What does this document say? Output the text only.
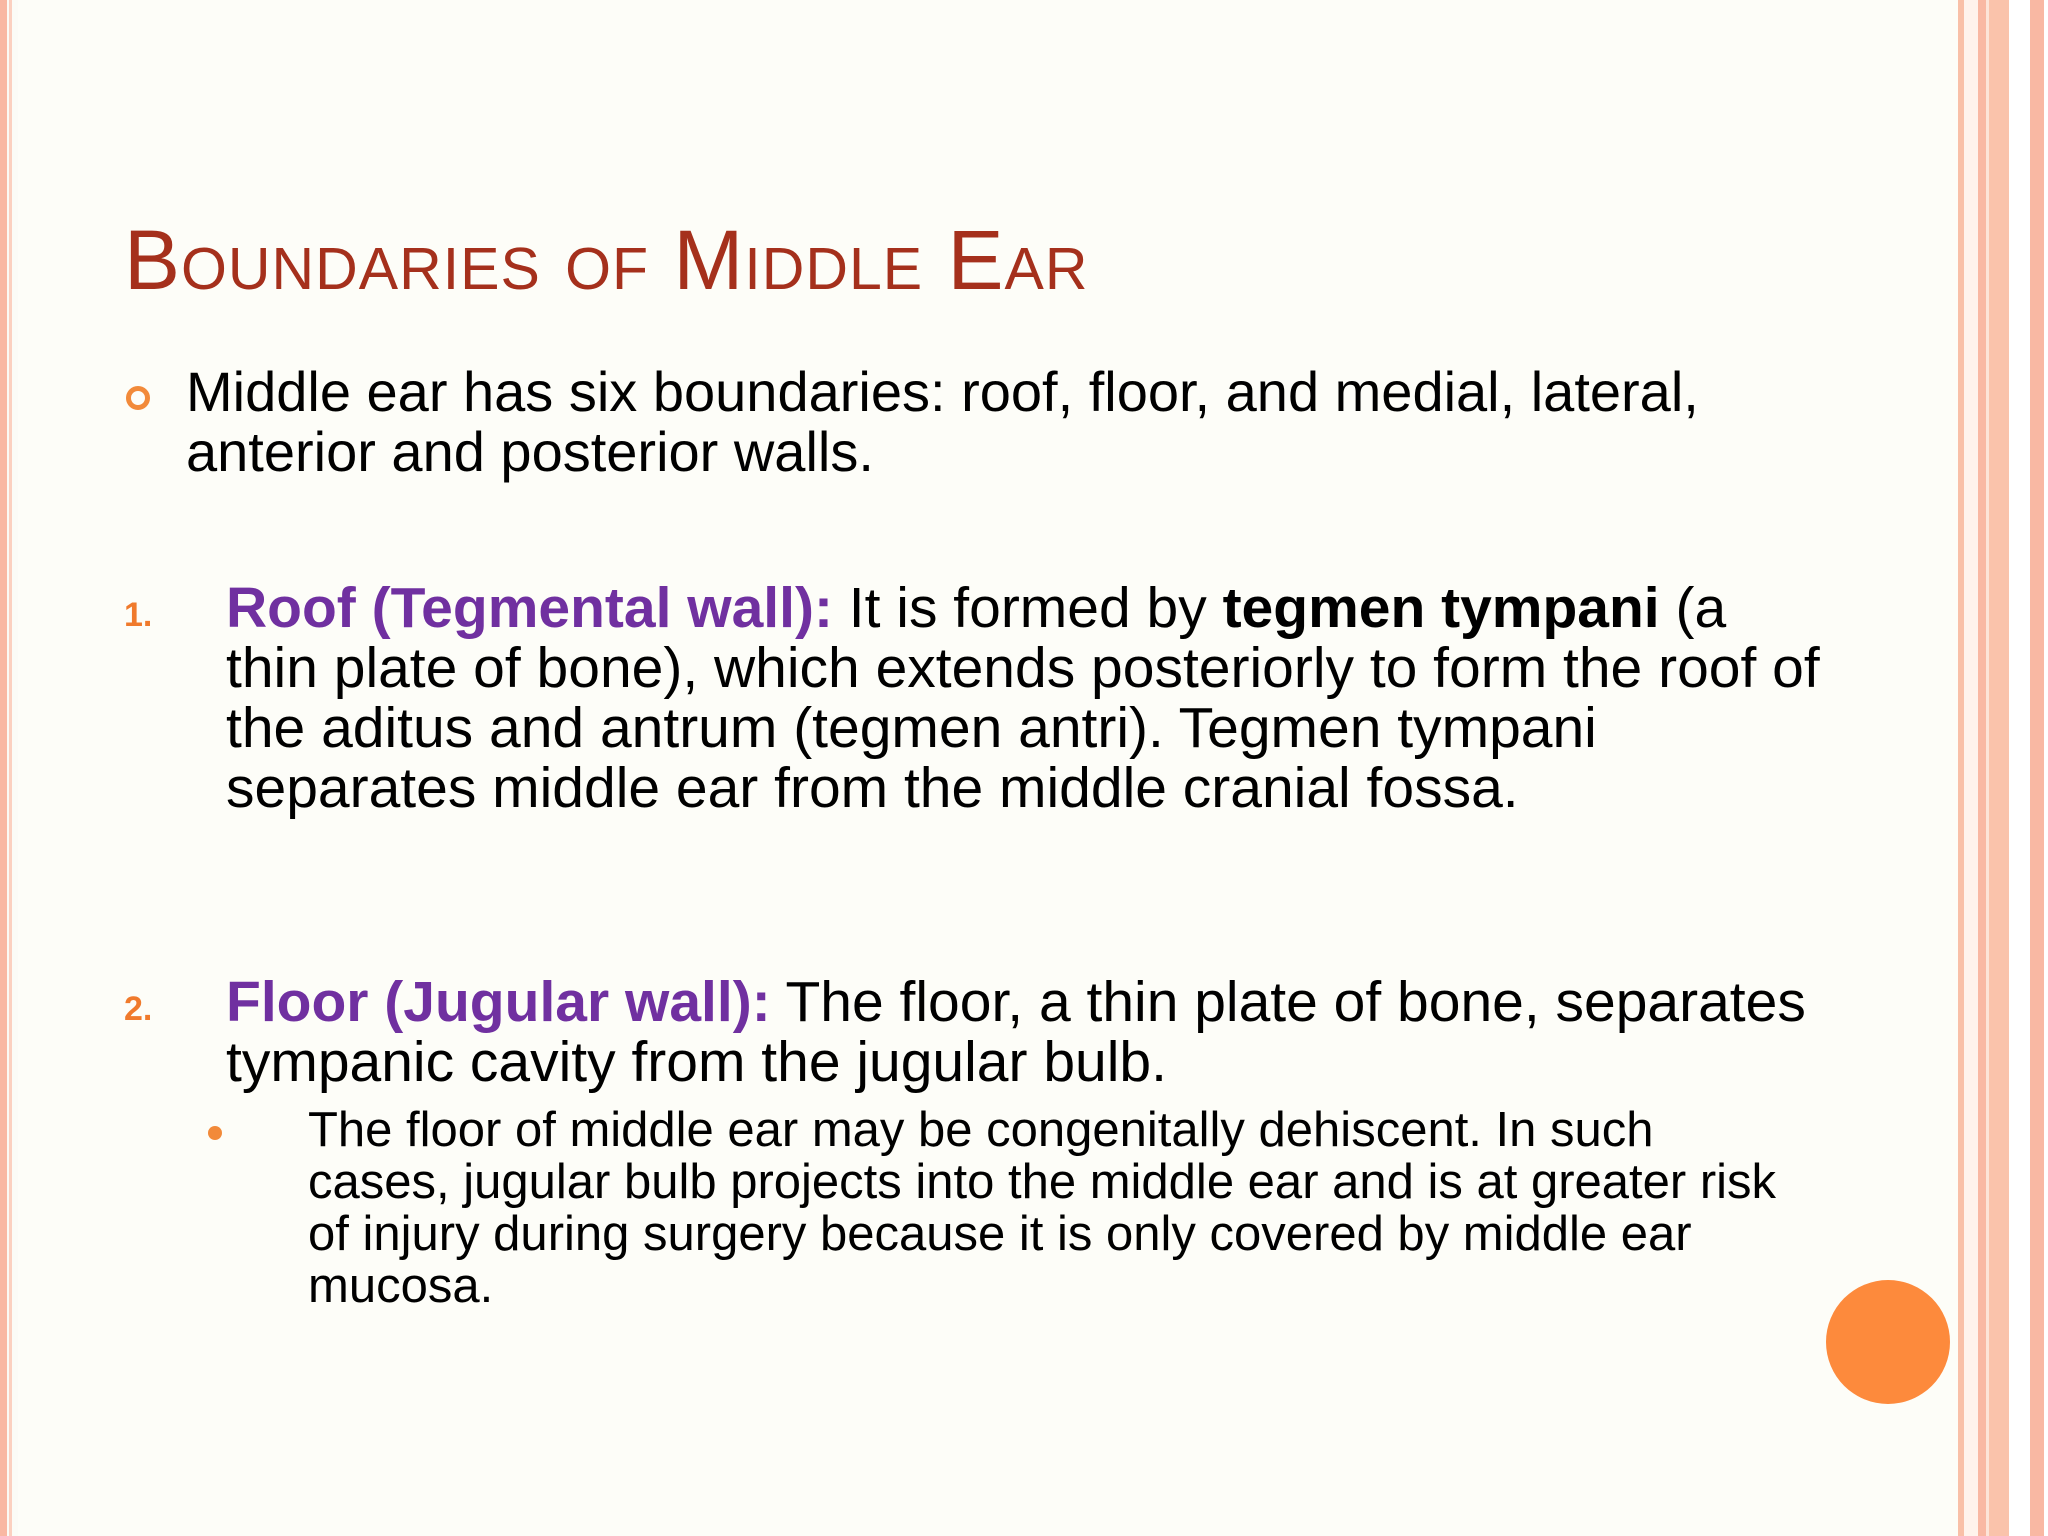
Boundaries of Middle Ear
Middle ear has six boundaries: roof, floor, and medial, lateral, anterior and posterior walls.
1. Roof (Tegmental wall): It is formed by tegmen tympani (a thin plate of bone), which extends posteriorly to form the roof of the aditus and antrum (tegmen antri). Tegmen tympani separates middle ear from the middle cranial fossa.
2. Floor (Jugular wall): The floor, a thin plate of bone, separates tympanic cavity from the jugular bulb.
The floor of middle ear may be congenitally dehiscent. In such cases, jugular bulb projects into the middle ear and is at greater risk of injury during surgery because it is only covered by middle ear mucosa.
